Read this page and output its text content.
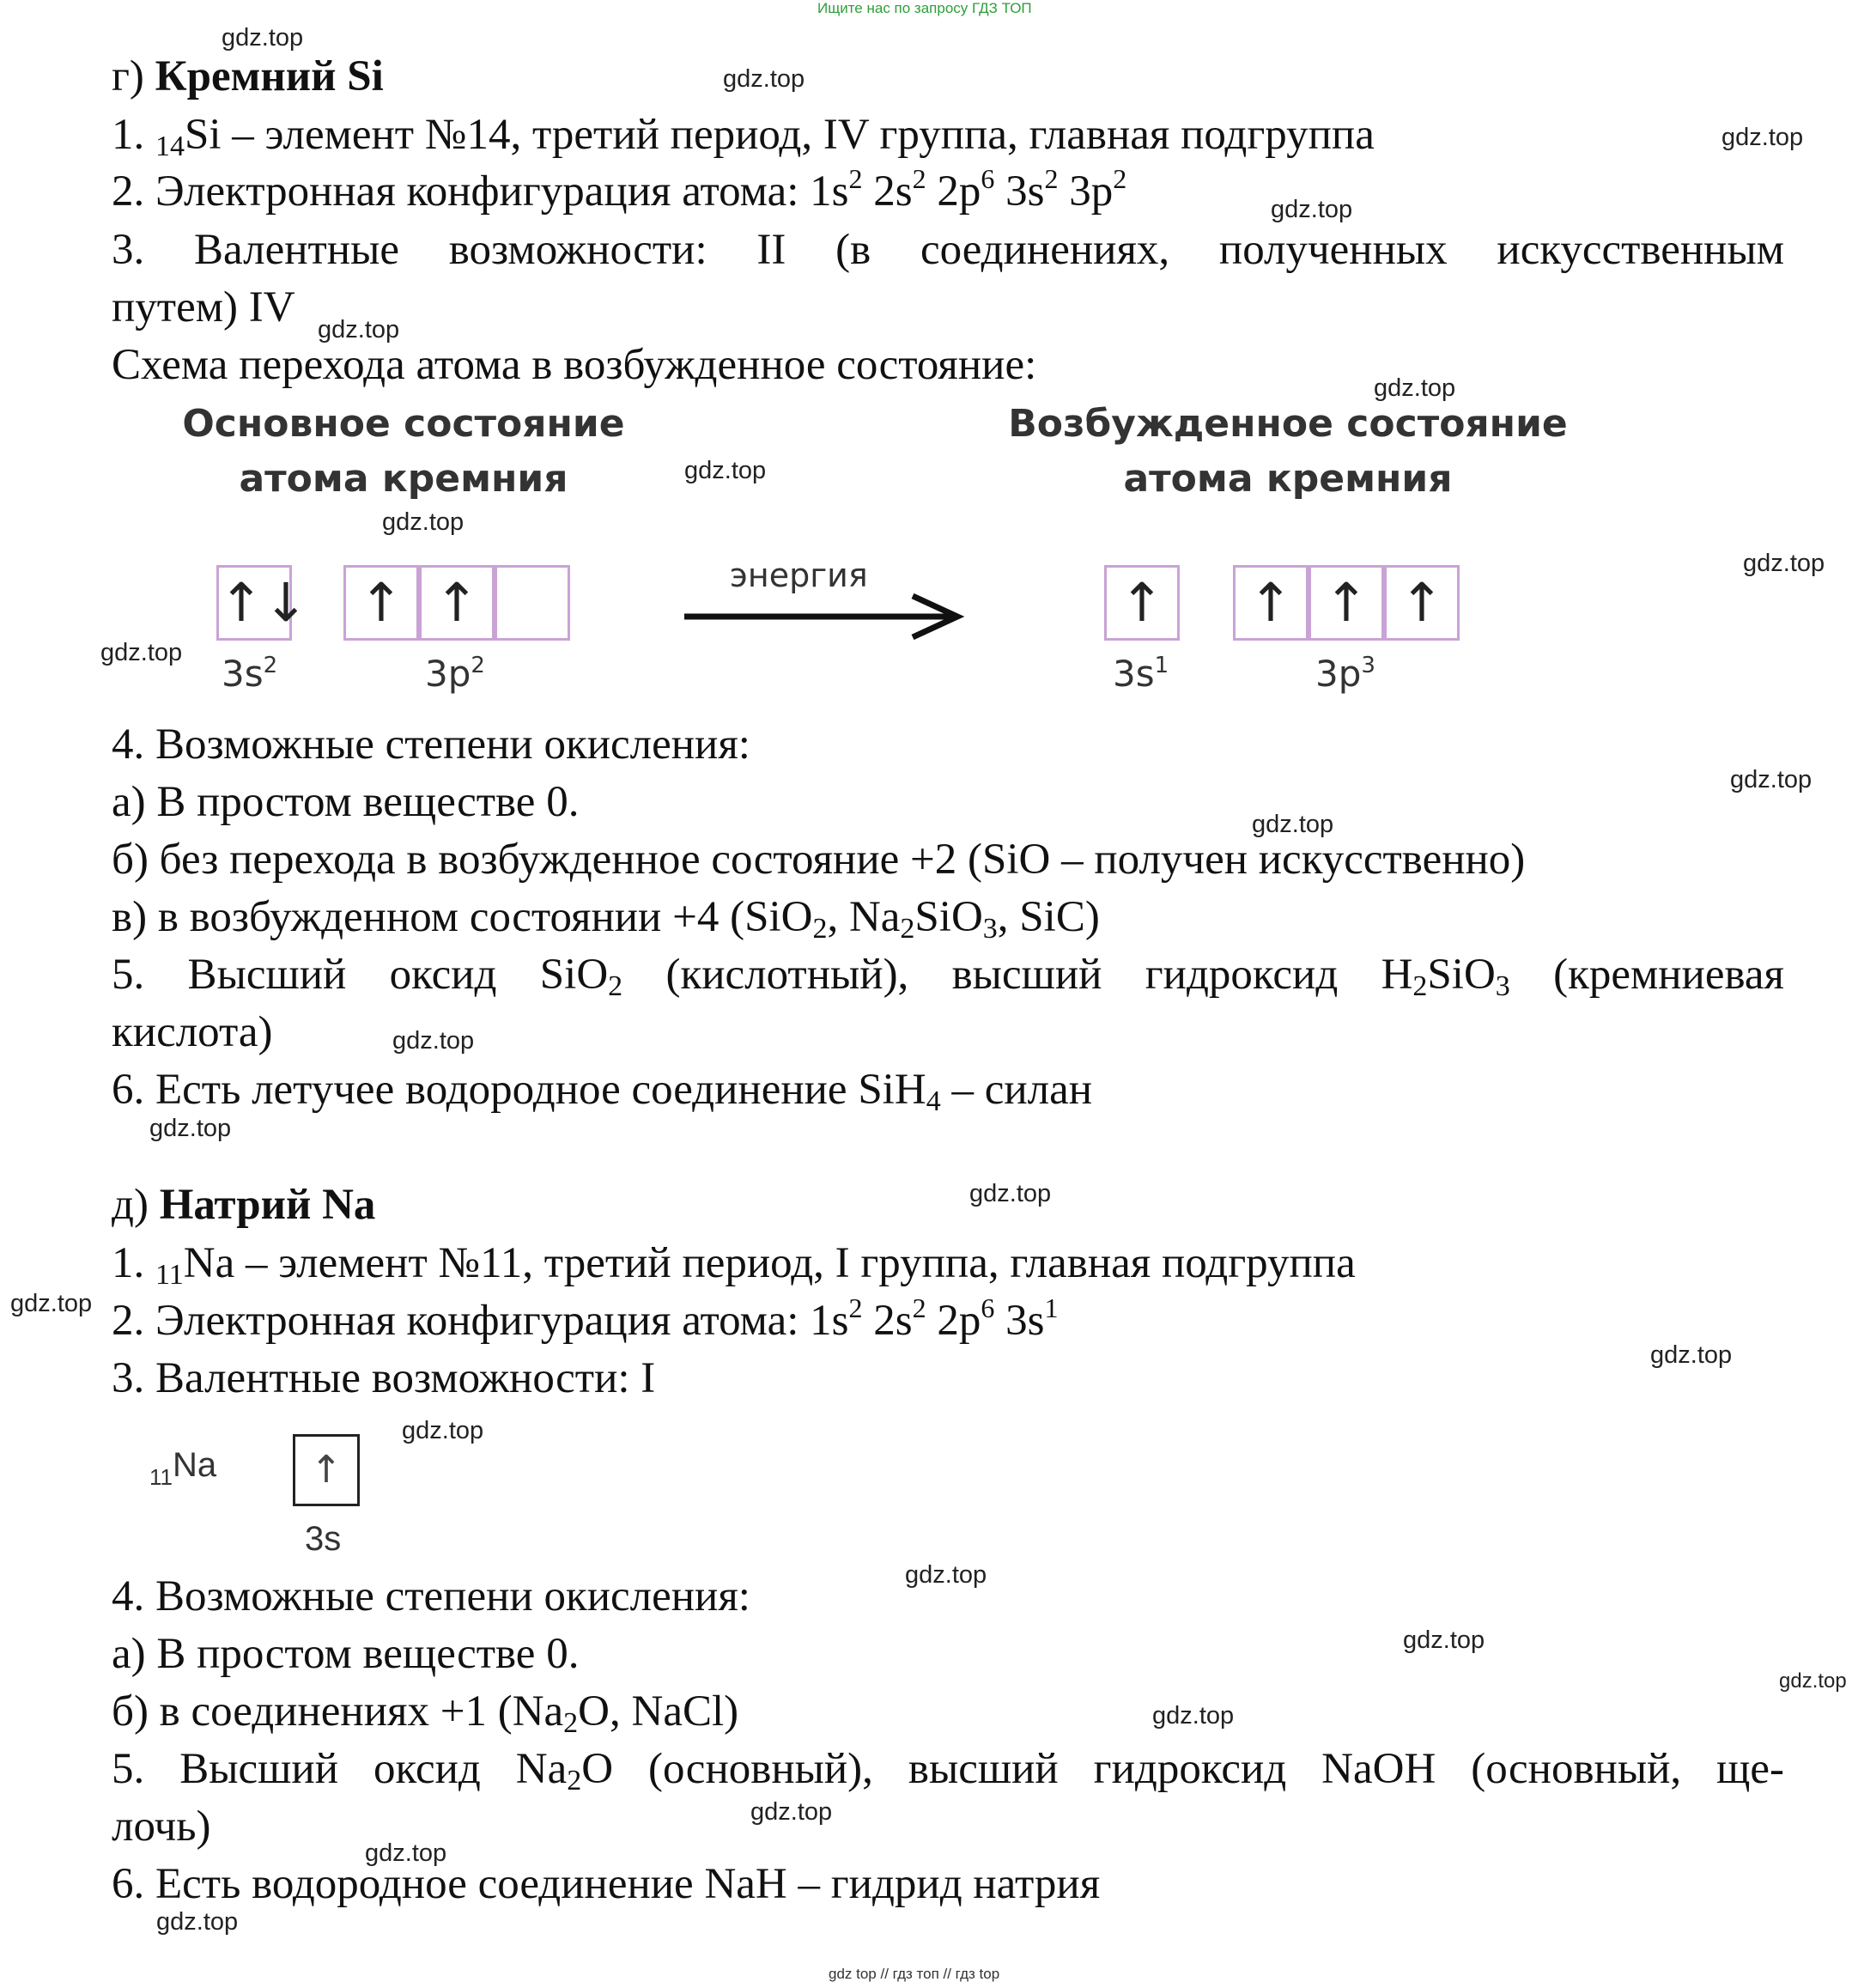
Ищите нас по запросу ГДЗ ТОП
г) Кремний Si
1. 14Si – элемент №14, третий период, IV группа, главная подгруппа
2. Электронная конфигурация атома: $1s^2$ $2s^2$ $2p^6$ $3s^2$ $3p^2$
3. Валентные возможности: II (в соединениях, полученных искусственным
путем) IV
Схема перехода атома в возбужденное состояние:
Основное состояние
атома кремния
Возбужденное состояние
атома кремния
↑↓ ↑ ↑
$3s^2$	$3p^2$
энергия	↑ ↑ ↑ ↑
$3s^1$	$3p^3$
4. Возможные степени окисления:
а) В простом веществе 0.
б) без перехода в возбужденное состояние +2 (SiO – получен искусственно)
в) в возбужденном состоянии +4 (SiO2, Na2SiO3, SiC)
5. Высший оксид SiO2 (кислотный), высший гидроксид H2SiO3 (кремниевая
кислота)
6. Есть летучее водородное соединение SiH4 – силан
д) Натрий Na
1. 11Na – элемент №11, третий период, I группа, главная подгруппа
2. Электронная конфигурация атома: $1s^2$ $2s^2$ $2p^6$ $3s^1$
3. Валентные возможности: I
$_{11}$Na	↑
3s
4. Возможные степени окисления:
а) В простом веществе 0.
б) в соединениях +1 (Na2O, NaCl)
5. Высший оксид Na2O (основный), высший гидроксид NaOH (основный, ще-
лочь)
6. Есть водородное соединение NaH – гидрид натрия
gdz top // гдз топ // гдз top
gdz.top
gdz.top
gdz.top
gdz.top
gdz.top
gdz.top
gdz.top
gdz.top
gdz.top
gdz.top
gdz.top
gdz.top
gdz.top
gdz.top
gdz.top
gdz.top
gdz.top
gdz.top
gdz.top
gdz.top
gdz.top
gdz.top
gdz.top
gdz.top
gdz.top
